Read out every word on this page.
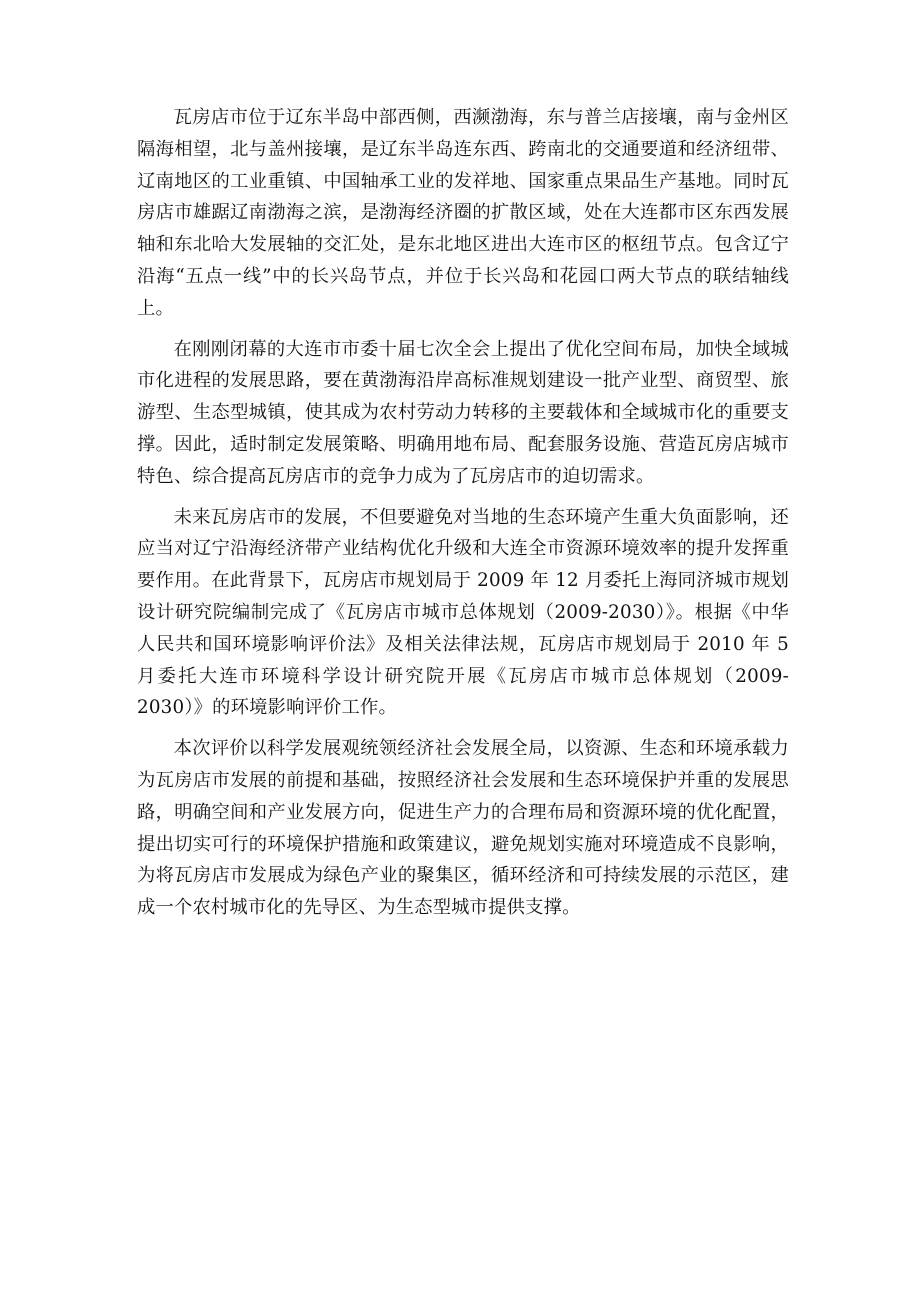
瓦房店市位于辽东半岛中部西侧，西濒渤海，东与普兰店接壤，南与金州区隔海相望，北与盖州接壤，是辽东半岛连东西、跨南北的交通要道和经济纽带、辽南地区的工业重镇、中国轴承工业的发祥地、国家重点果品生产基地。同时瓦房店市雄踞辽南渤海之滨，是渤海经济圈的扩散区域，处在大连都市区东西发展轴和东北哈大发展轴的交汇处，是东北地区进出大连市区的枢纽节点。包含辽宁沿海“五点一线”中的长兴岛节点，并位于长兴岛和花园口两大节点的联结轴线上。

在刚刚闭幕的大连市市委十届七次全会上提出了优化空间布局，加快全域城市化进程的发展思路，要在黄渤海沿岸高标准规划建设一批产业型、商贸型、旅游型、生态型城镇，使其成为农村劳动力转移的主要载体和全域城市化的重要支撑。因此，适时制定发展策略、明确用地布局、配套服务设施、营造瓦房店城市特色、综合提高瓦房店市的竞争力成为了瓦房店市的迫切需求。

未来瓦房店市的发展，不但要避免对当地的生态环境产生重大负面影响，还应当对辽宁沿海经济带产业结构优化升级和大连全市资源环境效率的提升发挥重要作用。在此背景下，瓦房店市规划局于 2009 年 12 月委托上海同济城市规划设计研究院编制完成了《瓦房店市城市总体规划（2009-2030）》。根据《中华人民共和国环境影响评价法》及相关法律法规，瓦房店市规划局于 2010 年 5 月委托大连市环境科学设计研究院开展《瓦房店市城市总体规划（2009-2030）》的环境影响评价工作。

本次评价以科学发展观统领经济社会发展全局，以资源、生态和环境承载力为瓦房店市发展的前提和基础，按照经济社会发展和生态环境保护并重的发展思路，明确空间和产业发展方向，促进生产力的合理布局和资源环境的优化配置，提出切实可行的环境保护措施和政策建议，避免规划实施对环境造成不良影响，为将瓦房店市发展成为绿色产业的聚集区，循环经济和可持续发展的示范区，建成一个农村城市化的先导区、为生态型城市提供支撑。
